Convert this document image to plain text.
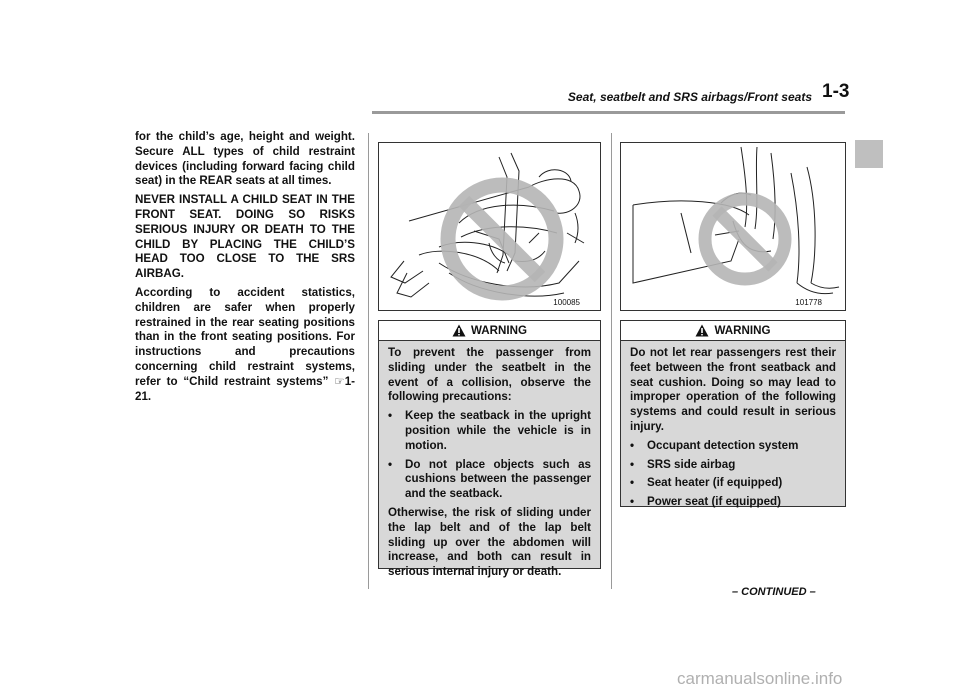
Seat, seatbelt and SRS airbags/Front seats 1-3

for the child’s age, height and weight. Secure ALL types of child restraint devices (including forward facing child seat) in the REAR seats at all times.

NEVER INSTALL A CHILD SEAT IN THE FRONT SEAT. DOING SO RISKS SERIOUS INJURY OR DEATH TO THE CHILD BY PLACING THE CHILD’S HEAD TOO CLOSE TO THE SRS AIRBAG.

According to accident statistics, children are safer when properly restrained in the rear seating positions than in the front seating positions. For instructions and precautions concerning child restraint systems, refer to “Child restraint systems” ☞1-21.

100085
WARNING

To prevent the passenger from sliding under the seatbelt in the event of a collision, observe the following precautions:

•	Keep the seatback in the upright position while the vehicle is in motion.
•	Do not place objects such as cushions between the passenger and the seatback.

Otherwise, the risk of sliding under the lap belt and of the lap belt sliding up over the abdomen will increase, and both can result in serious internal injury or death.

101778
WARNING

Do not let rear passengers rest their feet between the front seatback and seat cushion. Doing so may lead to improper operation of the following systems and could result in serious injury.

•	Occupant detection system
•	SRS side airbag
•	Seat heater (if equipped)
•	Power seat (if equipped)
– CONTINUED –
carmanualsonline.info
